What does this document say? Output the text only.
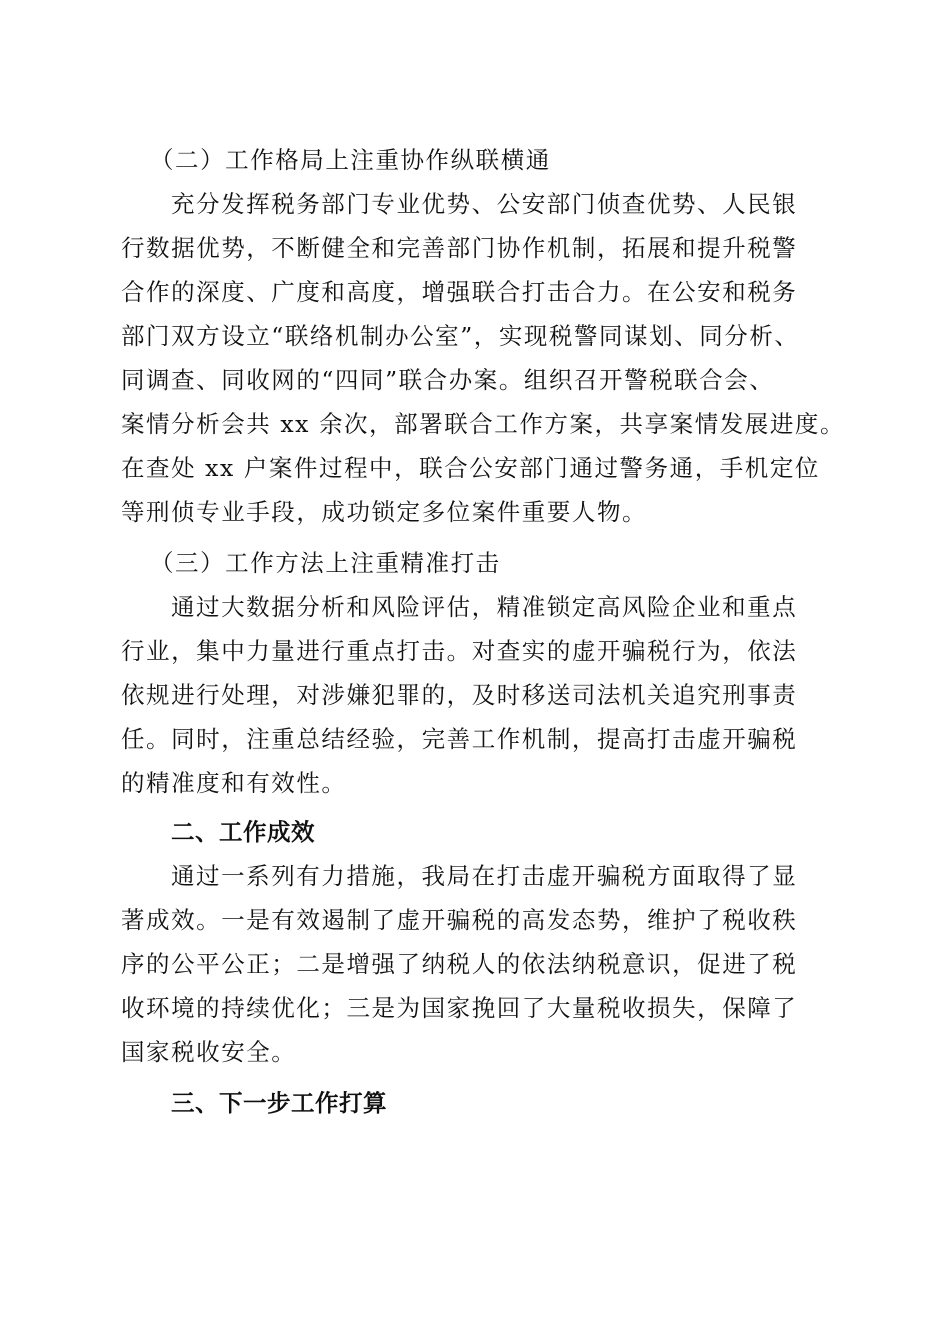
（二）工作格局上注重协作纵联横通
充分发挥税务部门专业优势、公安部门侦查优势、人民银
行数据优势，不断健全和完善部门协作机制，拓展和提升税警
合作的深度、广度和高度，增强联合打击合力。在公安和税务
部门双方设立“联络机制办公室”，实现税警同谋划、同分析、
同调查、同收网的“四同”联合办案。组织召开警税联合会、
案情分析会共 xx 余次，部署联合工作方案，共享案情发展进度。
在查处 xx 户案件过程中，联合公安部门通过警务通，手机定位
等刑侦专业手段，成功锁定多位案件重要人物。
（三）工作方法上注重精准打击
通过大数据分析和风险评估，精准锁定高风险企业和重点
行业，集中力量进行重点打击。对查实的虚开骗税行为，依法
依规进行处理，对涉嫌犯罪的，及时移送司法机关追究刑事责
任。同时，注重总结经验，完善工作机制，提高打击虚开骗税
的精准度和有效性。
二、工作成效
通过一系列有力措施，我局在打击虚开骗税方面取得了显
著成效。一是有效遏制了虚开骗税的高发态势，维护了税收秩
序的公平公正；二是增强了纳税人的依法纳税意识，促进了税
收环境的持续优化；三是为国家挽回了大量税收损失，保障了
国家税收安全。
三、下一步工作打算
